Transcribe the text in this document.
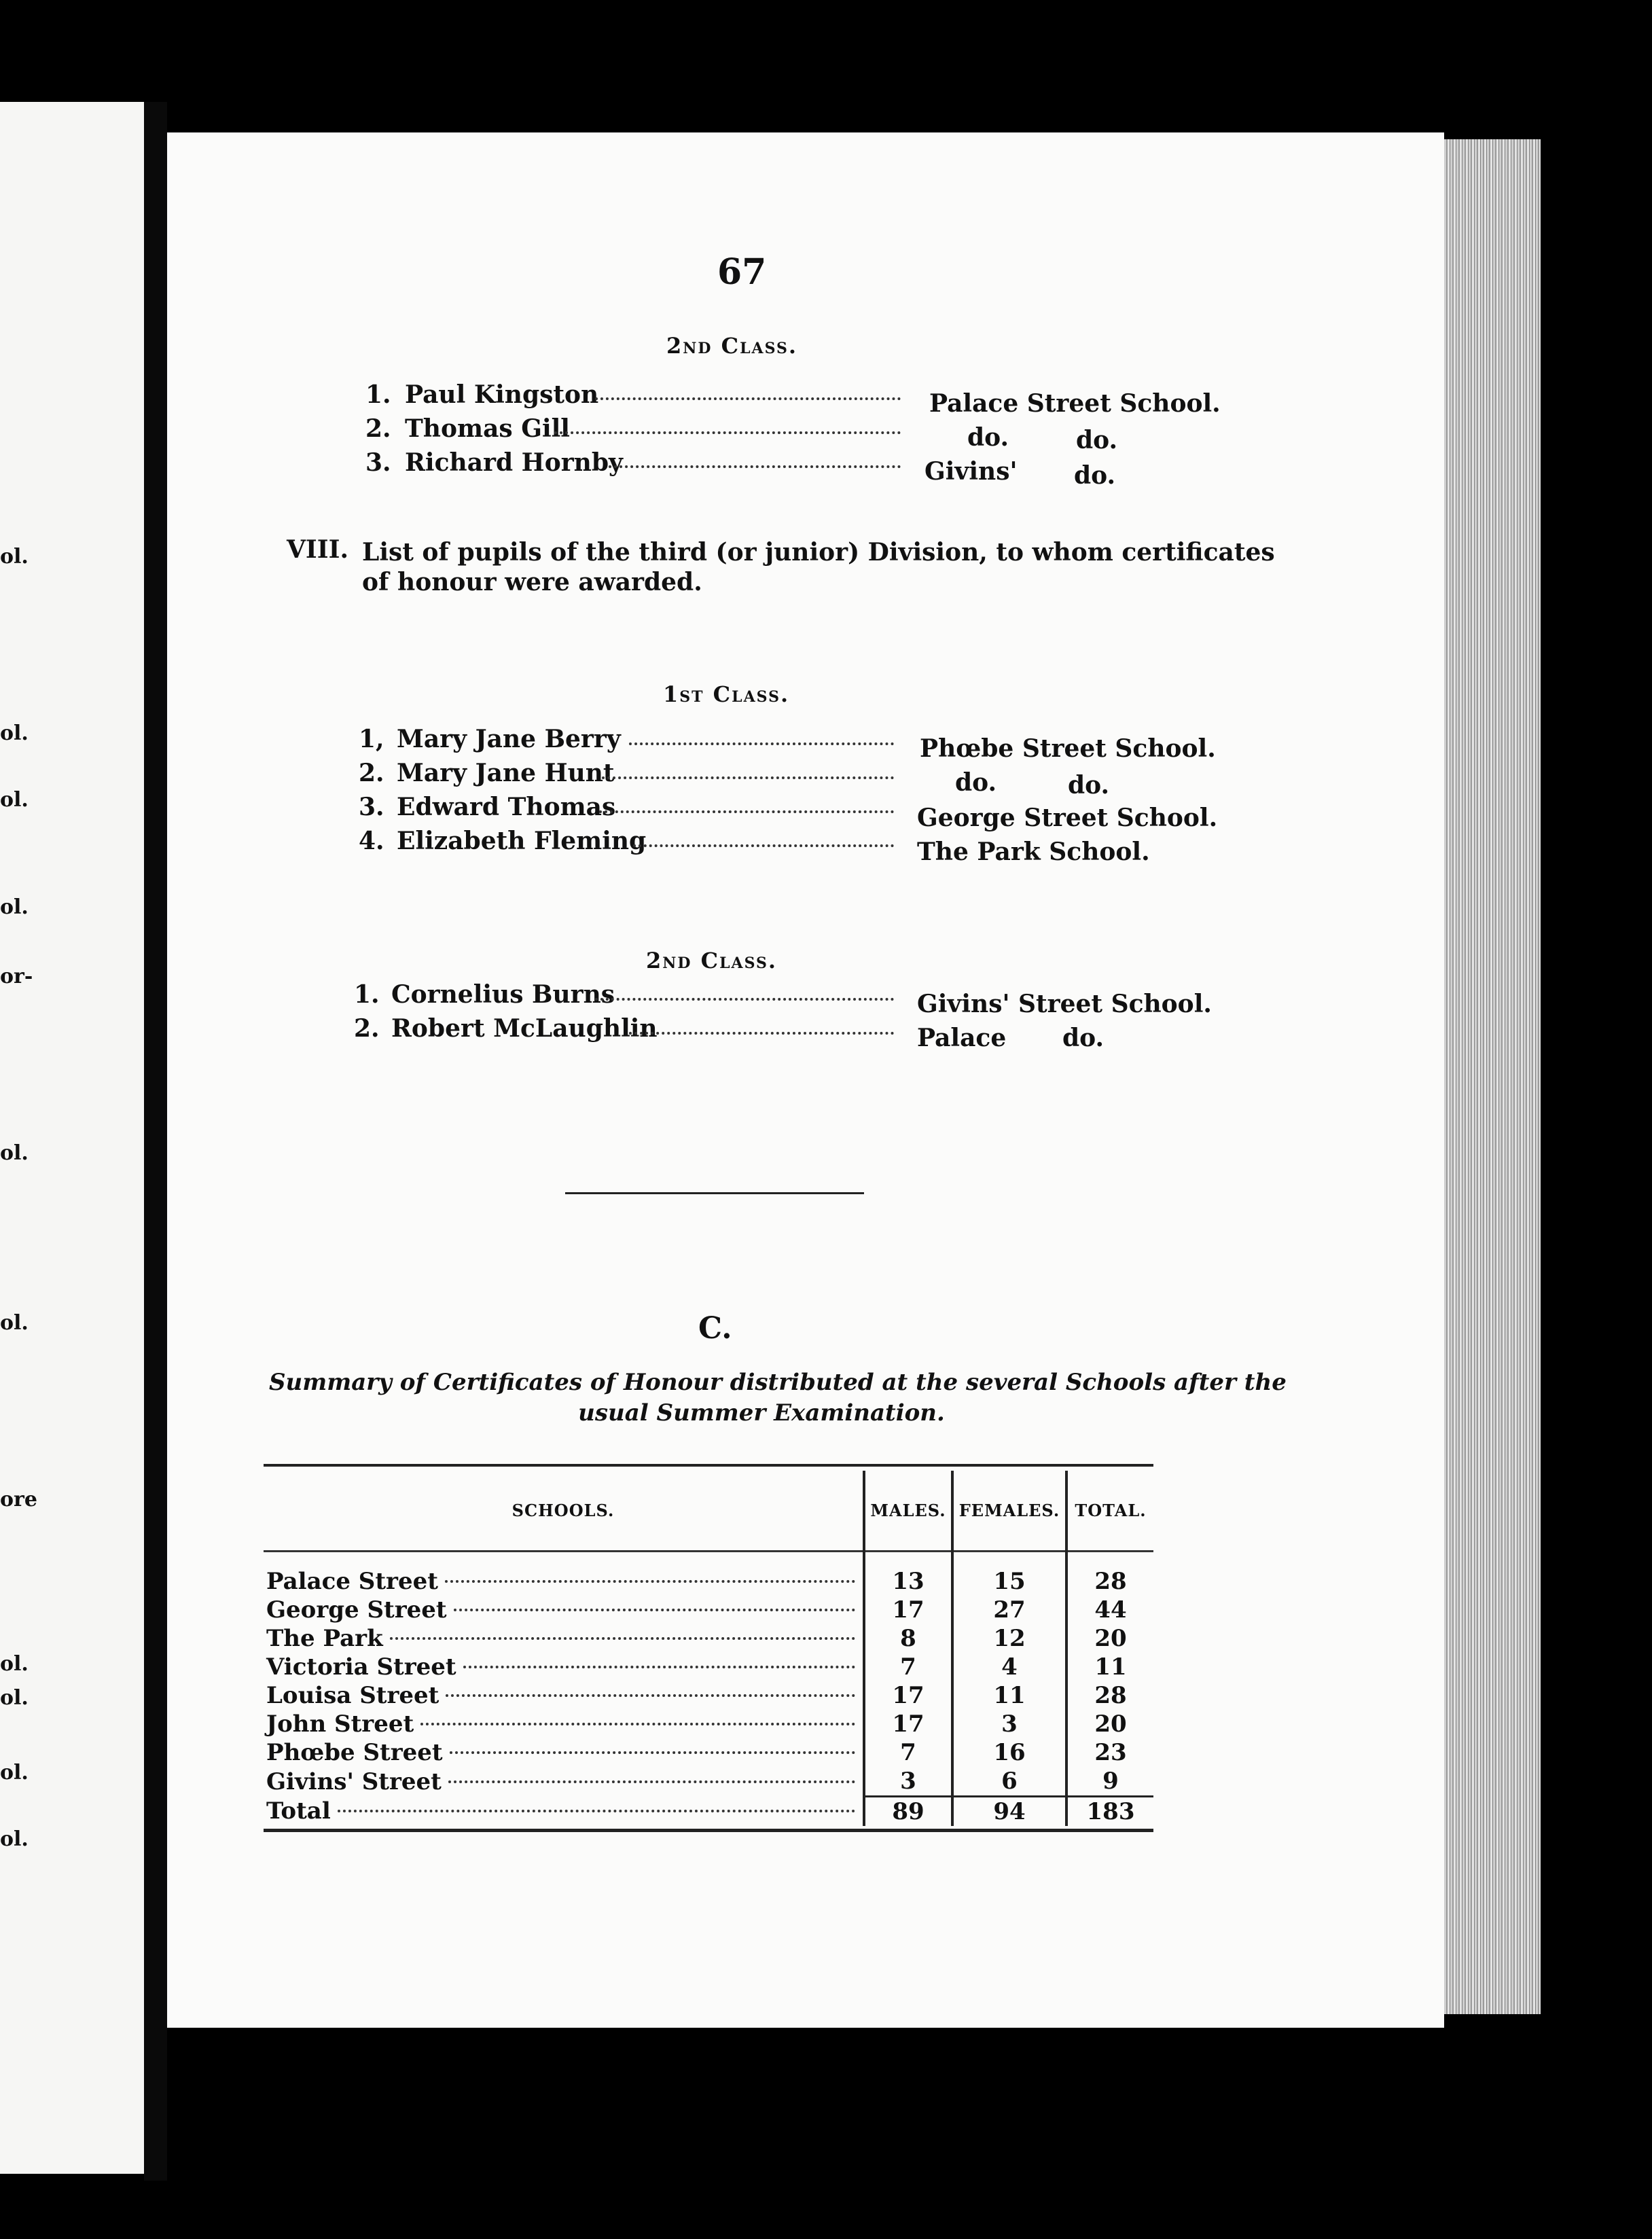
ol.
ol.
ol.
ol.
or-
ol.
ol.
ore
ol.
ol.
ol.
ol.
67
2nd Class.
1. Paul Kingston	Palace Street School.
2. Thomas Gill	do.	do.
3. Richard Hornby	Givins' do.
VIII. List of pupils of the third (or junior) Division, to whom certificates
of honour were awarded.
1st Class.
1, Mary Jane Berry	Phœbe Street School.
2. Mary Jane Hunt	do.	do.
3. Edward Thomas	George Street School.
4. Elizabeth Fleming	The Park School.
2nd Class.
1. Cornelius Burns	Givins' Street School.
2. Robert McLaughlin	Palace do.
C.
Summary of Certificates of Honour distributed at the several Schools after the
usual Summer Examination.
SCHOOLS.	MALES.	FEMALES.	TOTAL.

Palace Street	13	15	28

George Street	17	27	44

The Park	8	12	20

Victoria Street	7	4	11

Louisa Street	17	11	28

John Street	17	3	20

Phœbe Street	7	16	23

Givins' Street	3	6	9

Total	89	94	183
